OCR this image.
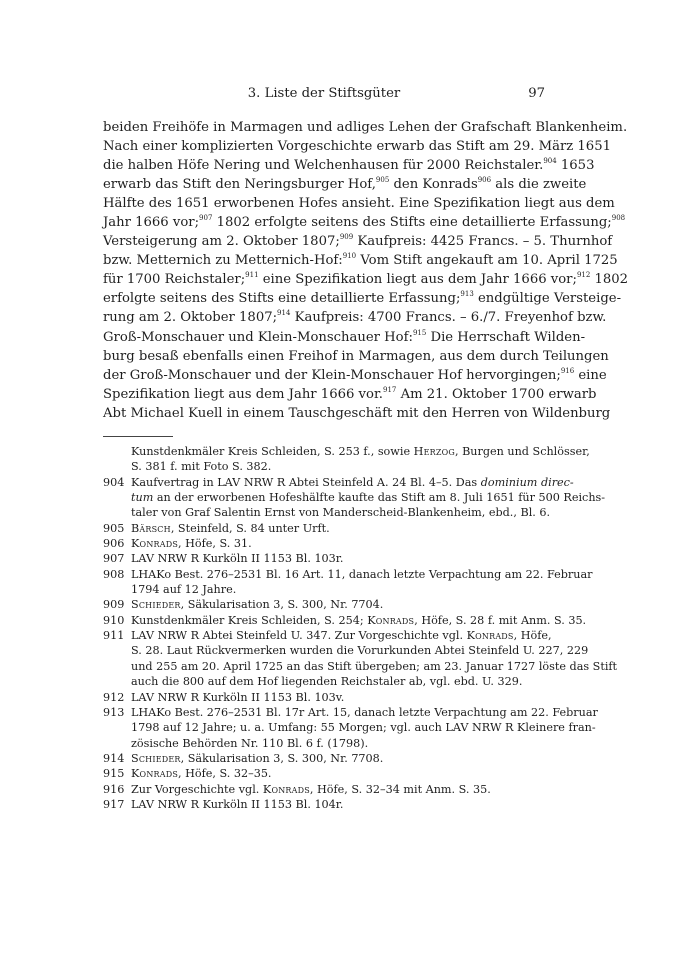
3. Liste der Stiftsgüter	97
beiden Freihöfe in Marmagen und adliges Lehen der Grafschaft Blankenheim.
Nach einer komplizierten Vorgeschichte erwarb das Stift am 29. März 1651
die halben Höfe Nering und Welchenhausen für 2000 Reichstaler.$^{904}$ 1653
erwarb das Stift den Neringsburger Hof,$^{905}$ den Konrads$^{906}$ als die zweite
Hälfte des 1651 erworbenen Hofes ansieht. Eine Spezifikation liegt aus dem
Jahr 1666 vor;$^{907}$ 1802 erfolgte seitens des Stifts eine detaillierte Erfassung;$^{908}$
Versteigerung am 2. Oktober 1807;$^{909}$ Kaufpreis: 4425 Francs. – 5. Thurnhof
bzw. Metternich zu Metternich-Hof:$^{910}$ Vom Stift angekauft am 10. April 1725
für 1700 Reichstaler;$^{911}$ eine Spezifikation liegt aus dem Jahr 1666 vor;$^{912}$ 1802
erfolgte seitens des Stifts eine detaillierte Erfassung;$^{913}$ endgültige Versteige-
rung am 2. Oktober 1807;$^{914}$ Kaufpreis: 4700 Francs. – 6./7. Freyenhof bzw.
Groß-Monschauer und Klein-Monschauer Hof:$^{915}$ Die Herrschaft Wilden-
burg besaß ebenfalls einen Freihof in Marmagen, aus dem durch Teilungen
der Groß-Monschauer und der Klein-Monschauer Hof hervorgingen;$^{916}$ eine
Spezifikation liegt aus dem Jahr 1666 vor.$^{917}$ Am 21. Oktober 1700 erwarb
Abt Michael Kuell in einem Tauschgeschäft mit den Herren von Wildenburg
Kunstdenkmäler Kreis Schleiden, S. 253 f., sowie Herzog, Burgen und Schlösser,
S. 381 f. mit Foto S. 382.
904 Kaufvertrag in LAV NRW R Abtei Steinfeld A. 24 Bl. 4–5. Das dominium direc-
tum an der erworbenen Hofeshälfte kaufte das Stift am 8. Juli 1651 für 500 Reichs-
taler von Graf Salentin Ernst von Manderscheid-Blankenheim, ebd., Bl. 6.
905 Bärsch, Steinfeld, S. 84 unter Urft.
906 Konrads, Höfe, S. 31.
907 LAV NRW R Kurköln II 1153 Bl. 103r.
908 LHAKo Best. 276–2531 Bl. 16 Art. 11, danach letzte Verpachtung am 22. Februar
1794 auf 12 Jahre.
909 Schieder, Säkularisation 3, S. 300, Nr. 7704.
910 Kunstdenkmäler Kreis Schleiden, S. 254; Konrads, Höfe, S. 28 f. mit Anm. S. 35.
911 LAV NRW R Abtei Steinfeld U. 347. Zur Vorgeschichte vgl. Konrads, Höfe,
S. 28. Laut Rückvermerken wurden die Vorurkunden Abtei Steinfeld U. 227, 229
und 255 am 20. April 1725 an das Stift übergeben; am 23. Januar 1727 löste das Stift
auch die 800 auf dem Hof liegenden Reichstaler ab, vgl. ebd. U. 329.
912 LAV NRW R Kurköln II 1153 Bl. 103v.
913 LHAKo Best. 276–2531 Bl. 17r Art. 15, danach letzte Verpachtung am 22. Februar
1798 auf 12 Jahre; u. a. Umfang: 55 Morgen; vgl. auch LAV NRW R Kleinere fran-
zösische Behörden Nr. 110 Bl. 6 f. (1798).
914 Schieder, Säkularisation 3, S. 300, Nr. 7708.
915 Konrads, Höfe, S. 32–35.
916 Zur Vorgeschichte vgl. Konrads, Höfe, S. 32–34 mit Anm. S. 35.
917 LAV NRW R Kurköln II 1153 Bl. 104r.
